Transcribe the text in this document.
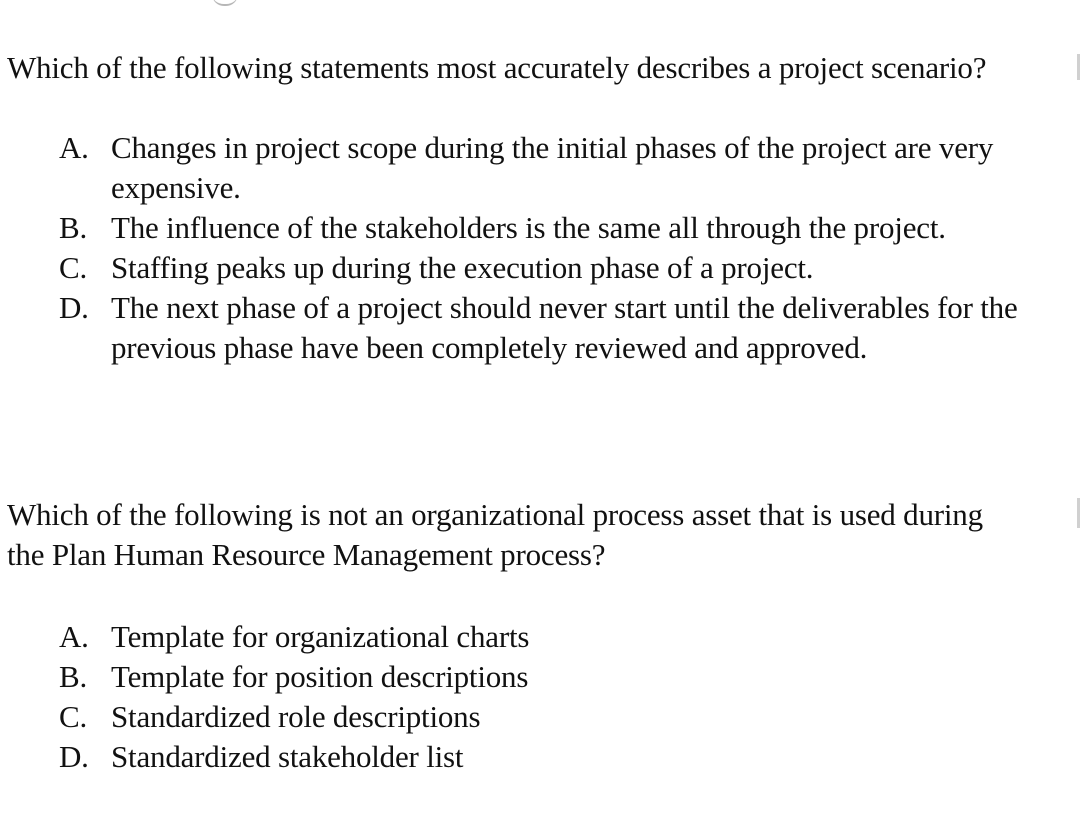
Which of the following statements most accurately describes a project scenario?
A. Changes in project scope during the initial phases of the project are very expensive.
B. The influence of the stakeholders is the same all through the project.
C. Staffing peaks up during the execution phase of a project.
D. The next phase of a project should never start until the deliverables for the previous phase have been completely reviewed and approved.
Which of the following is not an organizational process asset that is used during the Plan Human Resource Management process?
A. Template for organizational charts
B. Template for position descriptions
C. Standardized role descriptions
D. Standardized stakeholder list
